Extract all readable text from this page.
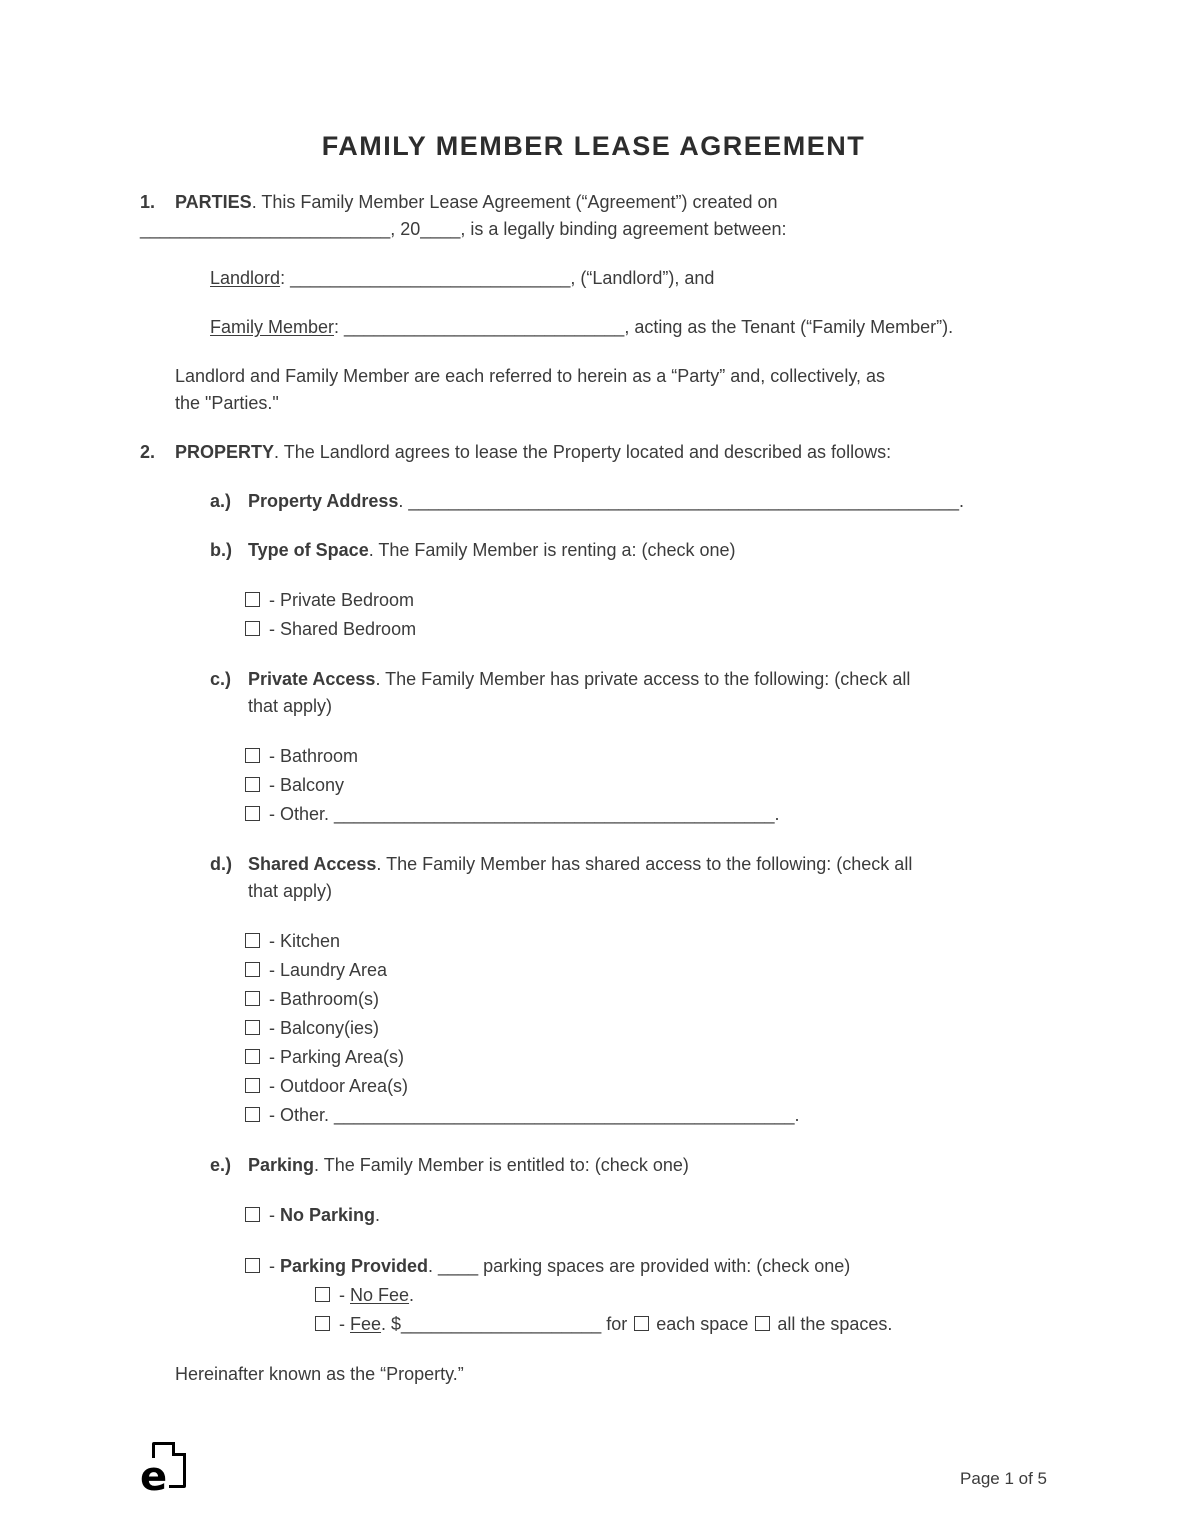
FAMILY MEMBER LEASE AGREEMENT

1. PARTIES. This Family Member Lease Agreement (“Agreement”) created on
_________________________, 20____, is a legally binding agreement between:

Landlord: ____________________________, (“Landlord”), and

Family Member: ____________________________, acting as the Tenant (“Family Member”).

Landlord and Family Member are each referred to herein as a “Party” and, collectively, as
the "Parties."

2. PROPERTY. The Landlord agrees to lease the Property located and described as follows:

a.) Property Address. _______________________________________________________.
b.) Type of Space. The Family Member is renting a: (check one)
- Private Bedroom
- Shared Bedroom
c.) Private Access. The Family Member has private access to the following: (check all
that apply)
- Bathroom
- Balcony
- Other. ____________________________________________.
d.) Shared Access. The Family Member has shared access to the following: (check all
that apply)
- Kitchen
- Laundry Area
- Bathroom(s)
- Balcony(ies)
- Parking Area(s)
- Outdoor Area(s)
- Other. ______________________________________________.
e.) Parking. The Family Member is entitled to: (check one)
- No Parking.
- Parking Provided. ____ parking spaces are provided with: (check one)
- No Fee.
- Fee. $____________________ for each space all the spaces.

Hereinafter known as the “Property.”

e	Page 1 of 5
